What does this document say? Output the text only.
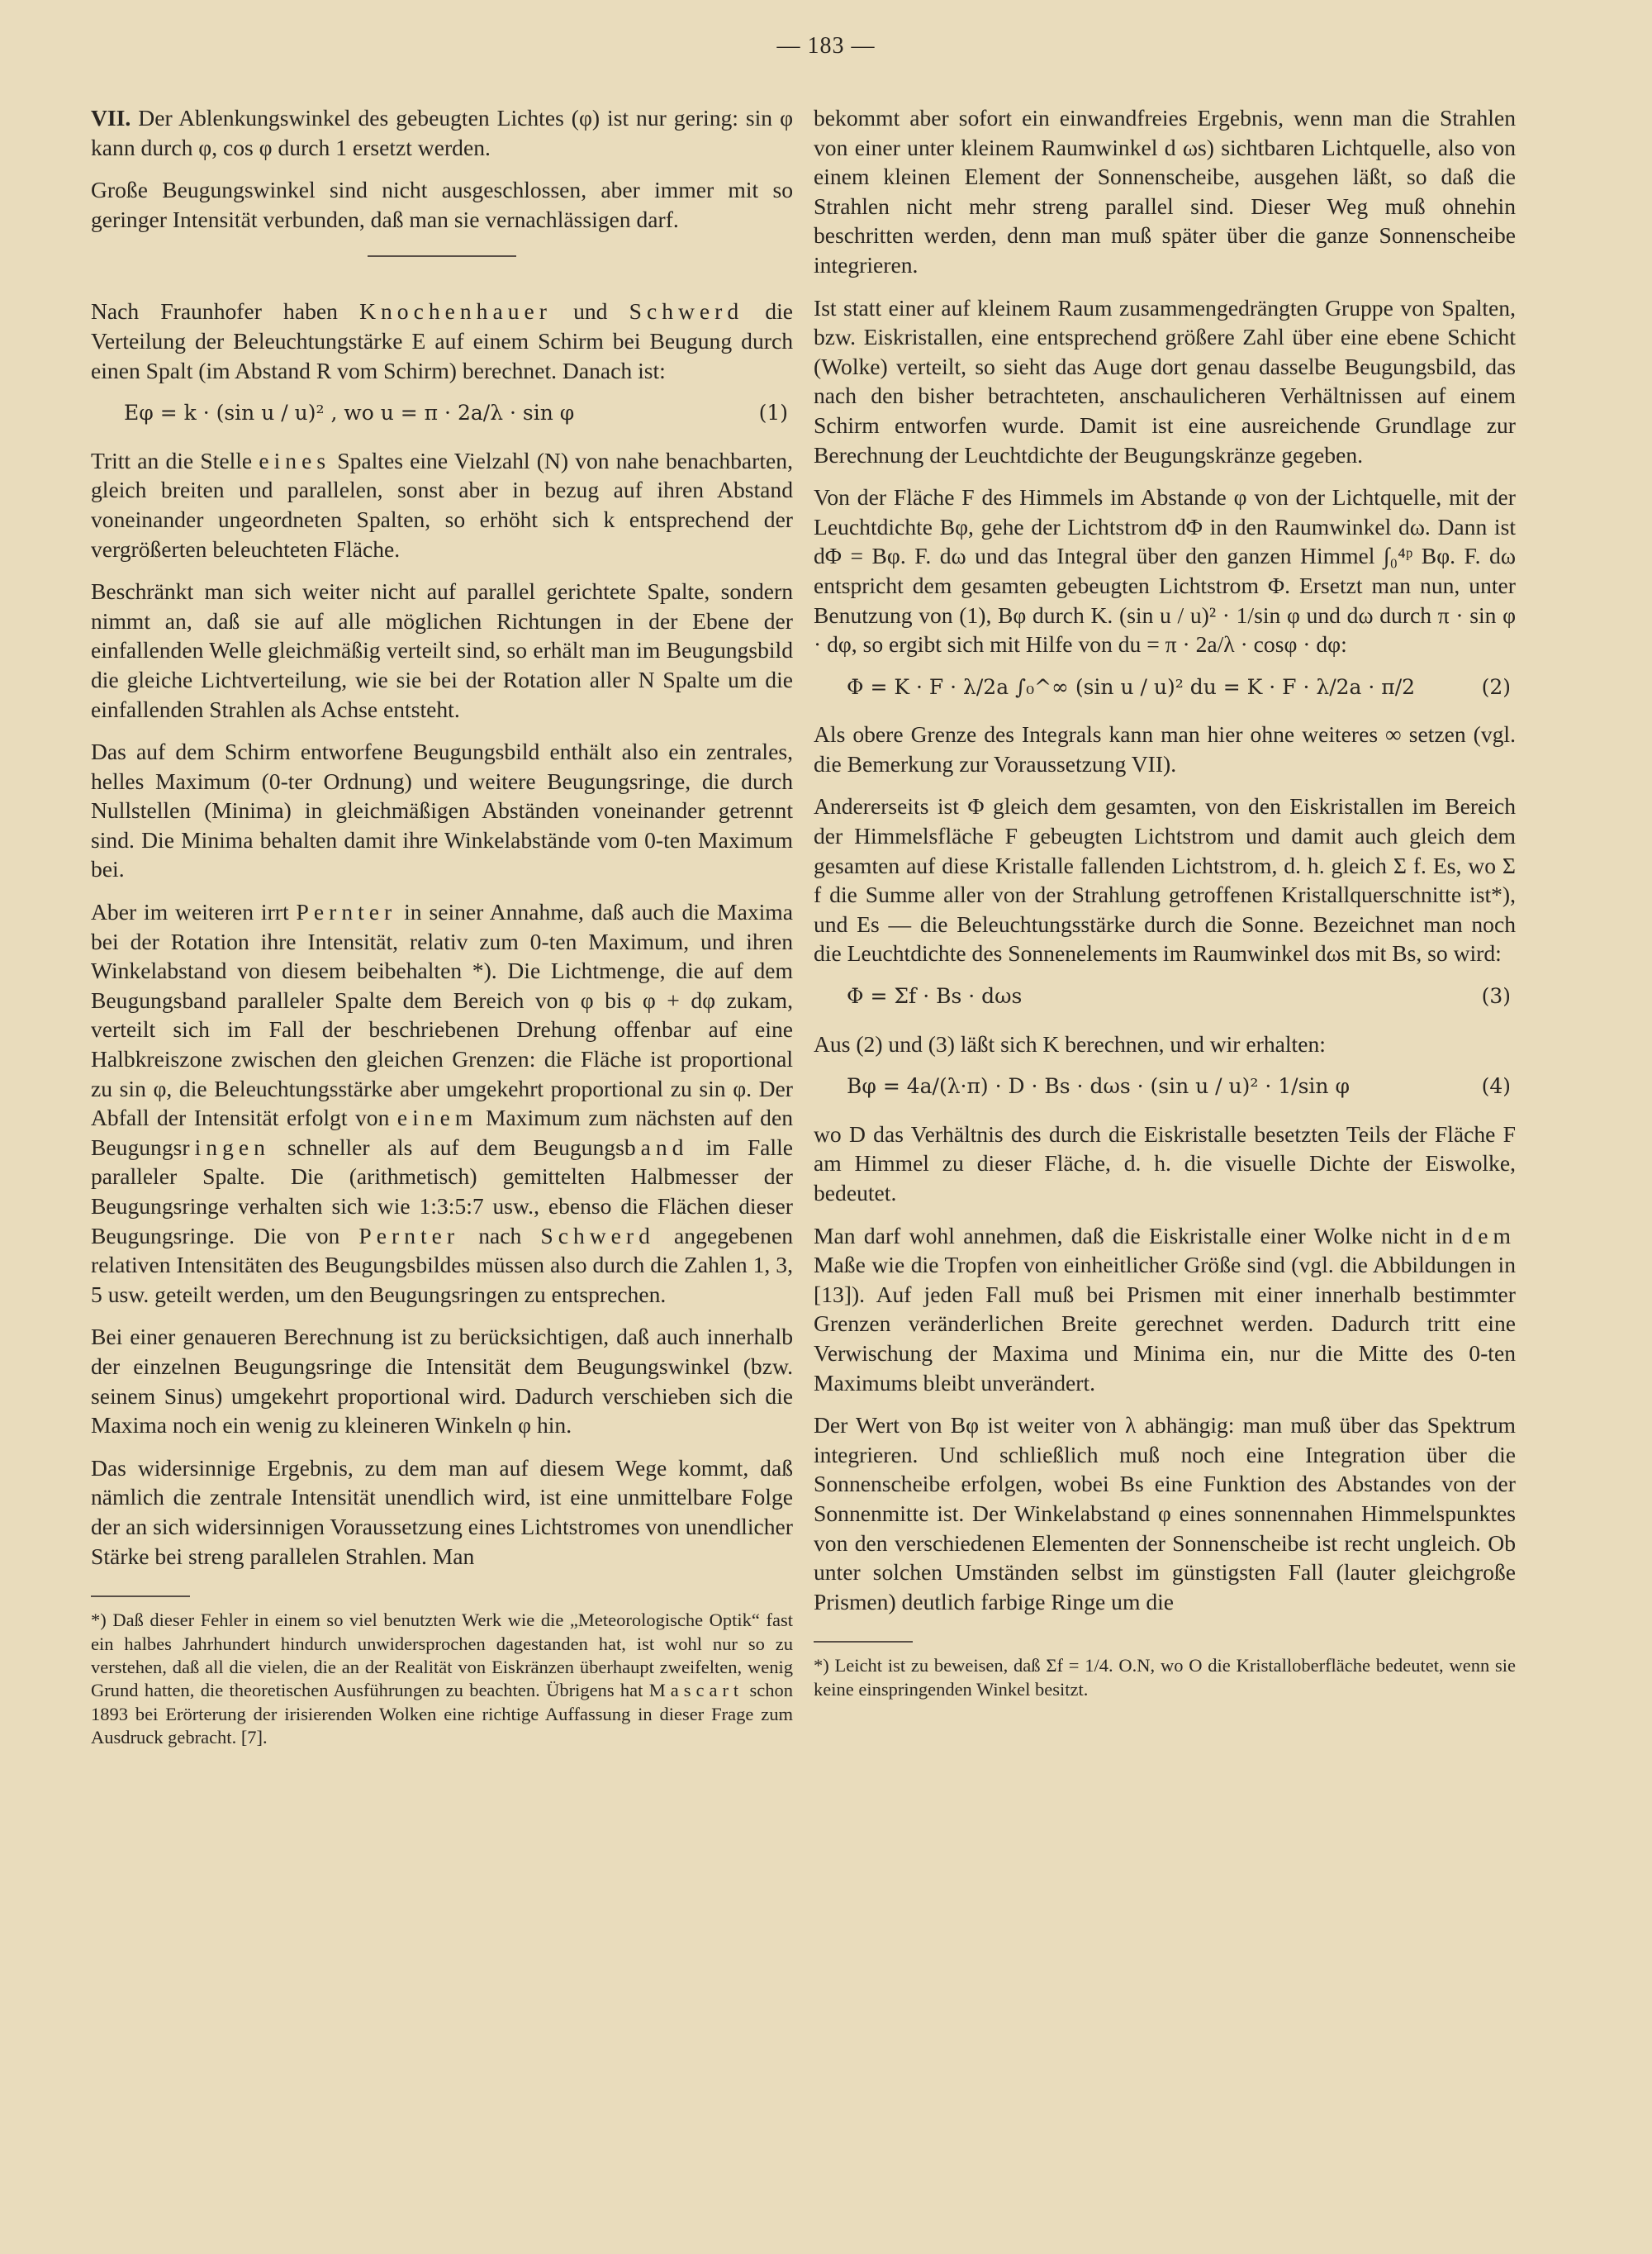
— 183 —

VII. Der Ablenkungswinkel des gebeugten Lichtes (φ) ist nur gering: sin φ kann durch φ, cos φ durch 1 ersetzt werden.

Große Beugungswinkel sind nicht ausgeschlossen, aber immer mit so geringer Intensität verbunden, daß man sie vernachlässigen darf.

Nach Fraunhofer haben Knochenhauer und Schwerd die Verteilung der Beleuchtungstärke E auf einem Schirm bei Beugung durch einen Spalt (im Abstand R vom Schirm) berechnet. Danach ist:

Eφ = k · (sin u / u)² , wo u = π · 2a/λ · sin φ	(1)

Tritt an die Stelle eines Spaltes eine Vielzahl (N) von nahe benachbarten, gleich breiten und parallelen, sonst aber in bezug auf ihren Abstand voneinander ungeordneten Spalten, so erhöht sich k entsprechend der vergrößerten beleuchteten Fläche.

Beschränkt man sich weiter nicht auf parallel gerichtete Spalte, sondern nimmt an, daß sie auf alle möglichen Richtungen in der Ebene der einfallenden Welle gleichmäßig verteilt sind, so erhält man im Beugungsbild die gleiche Lichtverteilung, wie sie bei der Rotation aller N Spalte um die einfallenden Strahlen als Achse entsteht.

Das auf dem Schirm entworfene Beugungsbild enthält also ein zentrales, helles Maximum (0-ter Ordnung) und weitere Beugungsringe, die durch Nullstellen (Minima) in gleichmäßigen Abständen voneinander getrennt sind. Die Minima behalten damit ihre Winkelabstände vom 0-ten Maximum bei.

Aber im weiteren irrt Pernter in seiner Annahme, daß auch die Maxima bei der Rotation ihre Intensität, relativ zum 0-ten Maximum, und ihren Winkelabstand von diesem beibehalten *). Die Lichtmenge, die auf dem Beugungsband paralleler Spalte dem Bereich von φ bis φ + dφ zukam, verteilt sich im Fall der beschriebenen Drehung offenbar auf eine Halbkreiszone zwischen den gleichen Grenzen: die Fläche ist proportional zu sin φ, die Beleuchtungsstärke aber umgekehrt proportional zu sin φ. Der Abfall der Intensität erfolgt von einem Maximum zum nächsten auf den Beugungsringen schneller als auf dem Beugungsband im Falle paralleler Spalte. Die (arithmetisch) gemittelten Halbmesser der Beugungsringe verhalten sich wie 1:3:5:7 usw., ebenso die Flächen dieser Beugungsringe. Die von Pernter nach Schwerd angegebenen relativen Intensitäten des Beugungsbildes müssen also durch die Zahlen 1, 3, 5 usw. geteilt werden, um den Beugungsringen zu entsprechen.

Bei einer genaueren Berechnung ist zu berücksichtigen, daß auch innerhalb der einzelnen Beugungsringe die Intensität dem Beugungswinkel (bzw. seinem Sinus) umgekehrt proportional wird. Dadurch verschieben sich die Maxima noch ein wenig zu kleineren Winkeln φ hin.

Das widersinnige Ergebnis, zu dem man auf diesem Wege kommt, daß nämlich die zentrale Intensität unendlich wird, ist eine unmittelbare Folge der an sich widersinnigen Voraussetzung eines Lichtstromes von unendlicher Stärke bei streng parallelen Strahlen. Man

*) Daß dieser Fehler in einem so viel benutzten Werk wie die „Meteorologische Optik“ fast ein halbes Jahrhundert hindurch unwidersprochen dagestanden hat, ist wohl nur so zu verstehen, daß all die vielen, die an der Realität von Eiskränzen überhaupt zweifelten, wenig Grund hatten, die theoretischen Ausführungen zu beachten. Übrigens hat Mascart schon 1893 bei Erörterung der irisierenden Wolken eine richtige Auffassung in dieser Frage zum Ausdruck gebracht. [7].

bekommt aber sofort ein einwandfreies Ergebnis, wenn man die Strahlen von einer unter kleinem Raumwinkel d ωs) sichtbaren Lichtquelle, also von einem kleinen Element der Sonnenscheibe, ausgehen läßt, so daß die Strahlen nicht mehr streng parallel sind. Dieser Weg muß ohnehin beschritten werden, denn man muß später über die ganze Sonnenscheibe integrieren.

Ist statt einer auf kleinem Raum zusammengedrängten Gruppe von Spalten, bzw. Eiskristallen, eine entsprechend größere Zahl über eine ebene Schicht (Wolke) verteilt, so sieht das Auge dort genau dasselbe Beugungsbild, das nach den bisher betrachteten, anschaulicheren Verhältnissen auf einem Schirm entworfen wurde. Damit ist eine ausreichende Grundlage zur Berechnung der Leuchtdichte der Beugungskränze gegeben.

Von der Fläche F des Himmels im Abstande φ von der Lichtquelle, mit der Leuchtdichte Bφ, gehe der Lichtstrom dΦ in den Raumwinkel dω. Dann ist dΦ = Bφ. F. dω und das Integral über den ganzen Himmel ∫₀⁴ᵖ Bφ. F. dω entspricht dem gesamten gebeugten Lichtstrom Φ. Ersetzt man nun, unter Benutzung von (1), Bφ durch K. (sin u / u)² · 1/sin φ und dω durch π · sin φ · dφ, so ergibt sich mit Hilfe von du = π · 2a/λ · cosφ · dφ:

Φ = K · F · λ/2a ∫₀^∞ (sin u / u)² du = K · F · λ/2a · π/2	(2)

Als obere Grenze des Integrals kann man hier ohne weiteres ∞ setzen (vgl. die Bemerkung zur Voraussetzung VII).

Andererseits ist Φ gleich dem gesamten, von den Eiskristallen im Bereich der Himmelsfläche F gebeugten Lichtstrom und damit auch gleich dem gesamten auf diese Kristalle fallenden Lichtstrom, d. h. gleich Σ f. Es, wo Σ f die Summe aller von der Strahlung getroffenen Kristallquerschnitte ist*), und Es — die Beleuchtungsstärke durch die Sonne. Bezeichnet man noch die Leuchtdichte des Sonnenelements im Raumwinkel dωs mit Bs, so wird:

Φ = Σf · Bs · dωs	(3)

Aus (2) und (3) läßt sich K berechnen, und wir erhalten:

Bφ = 4a/(λ·π) · D · Bs · dωs · (sin u / u)² · 1/sin φ	(4)

wo D das Verhältnis des durch die Eiskristalle besetzten Teils der Fläche F am Himmel zu dieser Fläche, d. h. die visuelle Dichte der Eiswolke, bedeutet.

Man darf wohl annehmen, daß die Eiskristalle einer Wolke nicht in dem Maße wie die Tropfen von einheitlicher Größe sind (vgl. die Abbildungen in [13]). Auf jeden Fall muß bei Prismen mit einer innerhalb bestimmter Grenzen veränderlichen Breite gerechnet werden. Dadurch tritt eine Verwischung der Maxima und Minima ein, nur die Mitte des 0-ten Maximums bleibt unverändert.

Der Wert von Bφ ist weiter von λ abhängig: man muß über das Spektrum integrieren. Und schließlich muß noch eine Integration über die Sonnenscheibe erfolgen, wobei Bs eine Funktion des Abstandes von der Sonnenmitte ist. Der Winkelabstand φ eines sonnennahen Himmelspunktes von den verschiedenen Elementen der Sonnenscheibe ist recht ungleich. Ob unter solchen Umständen selbst im günstigsten Fall (lauter gleichgroße Prismen) deutlich farbige Ringe um die

*) Leicht ist zu beweisen, daß Σf = 1/4. O.N, wo O die Kristalloberfläche bedeutet, wenn sie keine einspringenden Winkel besitzt.
